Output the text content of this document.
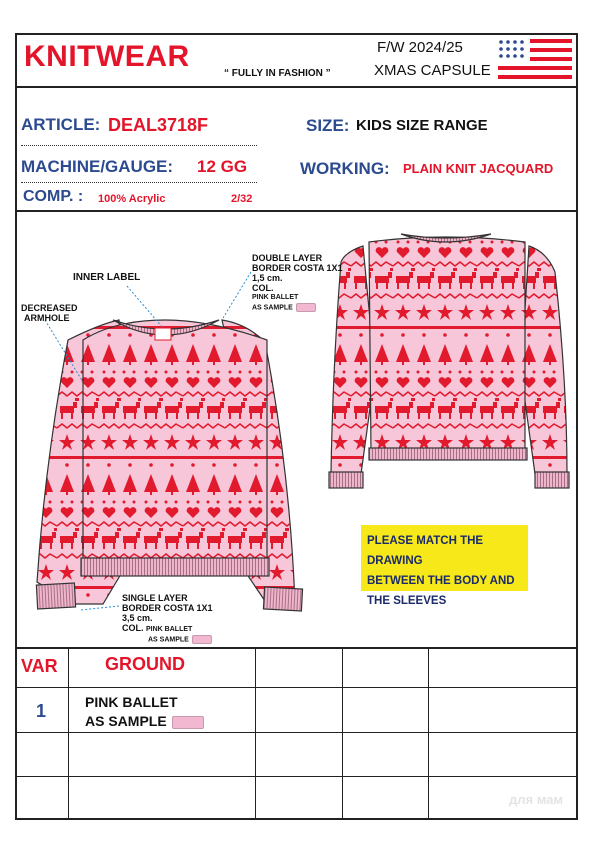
KNITWEAR
“ FULLY IN FASHION ”
F/W 2024/25
XMAS CAPSULE
ARTICLE: DEAL3718F	SIZE: KIDS SIZE RANGE
MACHINE/GAUGE: 12 GG	WORKING: PLAIN KNIT JACQUARD
COMP. : 100% Acrylic	2/32
INNER LABEL
DECREASED
ARMHOLE
DOUBLE LAYER
BORDER COSTA 1X1
1,5 cm.
COL.
PINK BALLET
AS SAMPLE
SINGLE LAYER
BORDER COSTA 1X1
3,5 cm.
COL. PINK BALLET
AS SAMPLE
PLEASE MATCH THE DRAWING
BETWEEN THE BODY AND
THE SLEEVES
VAR	GROUND
1	PINK BALLET
AS SAMPLE
для мам
